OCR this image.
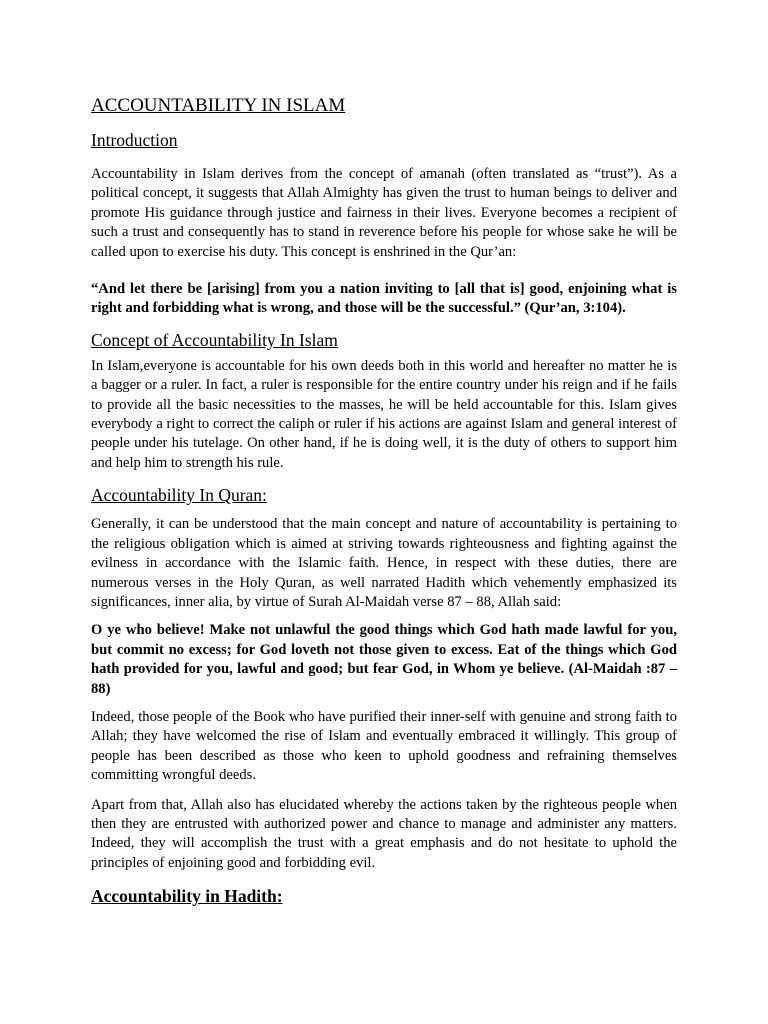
ACCOUNTABILITY IN ISLAM
Introduction

Accountability in Islam derives from the concept of amanah (often translated as “trust”). As a political concept, it suggests that Allah Almighty has given the trust to human beings to deliver and promote His guidance through justice and fairness in their lives. Everyone becomes a recipient of such a trust and consequently has to stand in reverence before his people for whose sake he will be called upon to exercise his duty. This concept is enshrined in the Qur’an:

“And let there be [arising] from you a nation inviting to [all that is] good, enjoining what is right and forbidding what is wrong, and those will be the successful.” (Qur’an, 3:104).

Concept of Accountability In Islam

In Islam,everyone is accountable for his own deeds both in this world and hereafter no matter he is a bagger or a ruler. In fact, a ruler is responsible for the entire country under his reign and if he fails to provide all the basic necessities to the masses, he will be held accountable for this. Islam gives everybody a right to correct the caliph or ruler if his actions are against Islam and general interest of people under his tutelage. On other hand, if he is doing well, it is the duty of others to support him and help him to strength his rule.

Accountability In Quran:

Generally, it can be understood that the main concept and nature of accountability is pertaining to the religious obligation which is aimed at striving towards righteousness and fighting against the evilness in accordance with the Islamic faith. Hence, in respect with these duties, there are numerous verses in the Holy Quran, as well narrated Hadith which vehemently emphasized its significances, inner alia, by virtue of Surah Al-Maidah verse 87 – 88, Allah said:

O ye who believe! Make not unlawful the good things which God hath made lawful for you, but commit no excess; for God loveth not those given to excess. Eat of the things which God hath provided for you, lawful and good; but fear God, in Whom ye believe. (Al-Maidah :87 – 88)

Indeed, those people of the Book who have purified their inner-self with genuine and strong faith to Allah; they have welcomed the rise of Islam and eventually embraced it willingly. This group of people has been described as those who keen to uphold goodness and refraining themselves committing wrongful deeds.

Apart from that, Allah also has elucidated whereby the actions taken by the righteous people when then they are entrusted with authorized power and chance to manage and administer any matters. Indeed, they will accomplish the trust with a great emphasis and do not hesitate to uphold the principles of enjoining good and forbidding evil.

Accountability in Hadith:
